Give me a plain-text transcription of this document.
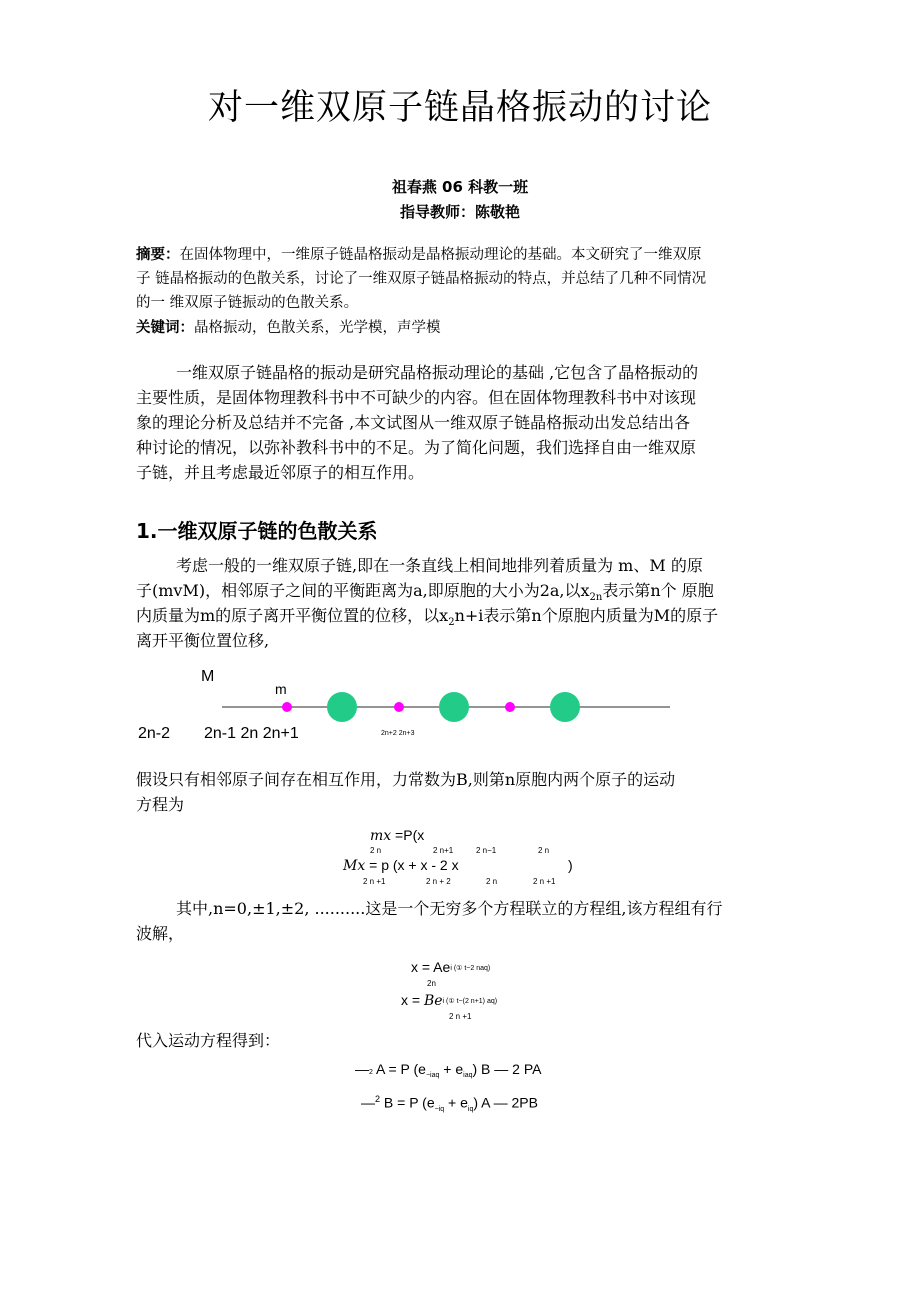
对一维双原子链晶格振动的讨论
祖春燕 06 科教一班
指导教师：陈敬艳
摘要：在固体物理中，一维原子链晶格振动是晶格振动理论的基础。本文研究了一维双原
子 链晶格振动的色散关系，讨论了一维双原子链晶格振动的特点，并总结了几种不同情况
的一 维双原子链振动的色散关系。
关键词：晶格振动，色散关系，光学模，声学模
一维双原子链晶格的振动是研究晶格振动理论的基础 ,它包含了晶格振动的
主要性质，是固体物理教科书中不可缺少的内容。但在固体物理教科书中对该现
象的理论分析及总结并不完备 ,本文试图从一维双原子链晶格振动出发总结出各
种讨论的情况，以弥补教科书中的不足。为了简化问题，我们选择自由一维双原
子链，并且考虑最近邻原子的相互作用。
1.一维双原子链的色散关系
考虑一般的一维双原子链,即在一条直线上相间地排列着质量为 m、M 的原
子(mvM)，相邻原子之间的平衡距离为a,即原胞的大小为2a,以$x_{2n}$表示第n个 原胞
内质量为m的原子离开平衡位置的位移，以$x_2n+i$表示第n个原胞内质量为M的原子
离开平衡位置位移,
M
m
2n-2 2n-1 2n 2n+1	2n+2 2n+3
假设只有相邻原子间存在相互作用，力常数为B,则第n原胞内两个原子的运动
方程为
mx =P(x
2 n	2 n+1	2 n−1	2 n
Mx = p (x + x - 2 x	)
2 n +1	2 n + 2	2 n	2 n +1
其中,n=0,±1,±2, ..........这是一个无穷多个方程联立的方程组,该方程组有行
波解，
x = Aei (① t−2 naq)
2n
x = Bei (① t−(2 n+1) aq)
2 n +1
代入运动方程得到：
—2 A = P $(e_{-iaq} + e_{iaq})$ B — 2 PA
—$^2$ B = P $(e_{-iq} + e_{iq})$ A — 2PB
